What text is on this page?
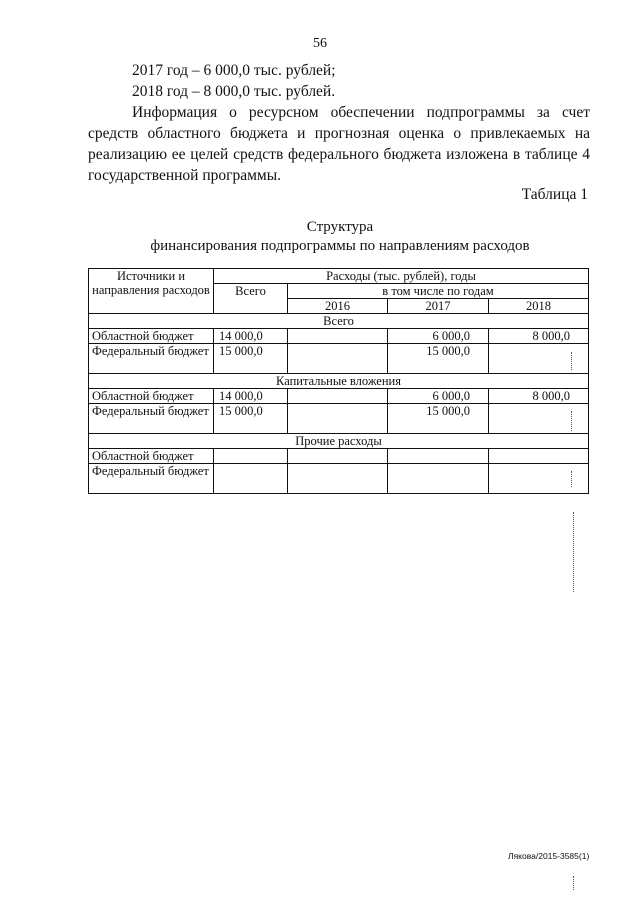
56
2017 год – 6 000,0 тыс. рублей;
2018 год – 8 000,0 тыс. рублей.
Информация о ресурсном обеспечении подпрограммы за счет средств областного бюджета и прогнозная оценка о привлекаемых на реализацию ее целей средств федерального бюджета изложена в таблице 4 государственной программы.
Таблица 1
Структура
финансирования подпрограммы по направлениям расходов
Источники и направления расходов	Расходы (тыс. рублей), годы			
	Всего	в том числе по годам		
		2016	2017	2018
Всего				
Областной бюджет	14 000,0		6 000,0	8 000,0
Федеральный бюджет	15 000,0		15 000,0	
Капитальные вложения				
Областной бюджет	14 000,0		6 000,0	8 000,0
Федеральный бюджет	15 000,0		15 000,0	
Прочие расходы				
Областной бюджет				
Федеральный бюджет				
Лякова/2015-3585(1)
